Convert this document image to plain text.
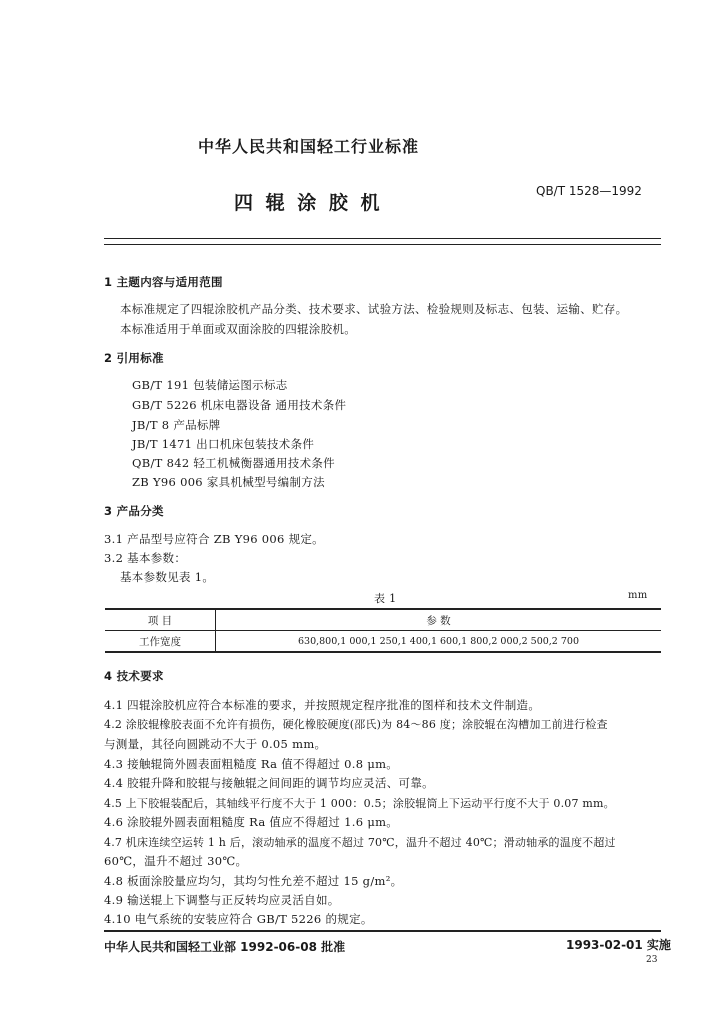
中华人民共和国轻工行业标准
四 辊 涂 胶 机
QB/T 1528—1992
1 主题内容与适用范围
本标准规定了四辊涂胶机产品分类、技术要求、试验方法、检验规则及标志、包装、运输、贮存。
本标准适用于单面或双面涂胶的四辊涂胶机。
2 引用标准
GB/T 191 包装储运图示标志
GB/T 5226 机床电器设备 通用技术条件
JB/T 8 产品标牌
JB/T 1471 出口机床包装技术条件
QB/T 842 轻工机械衡器通用技术条件
ZB Y96 006 家具机械型号编制方法
3 产品分类
3.1 产品型号应符合 ZB Y96 006 规定。
3.2 基本参数：
基本参数见表 1。
表 1	mm
项 目	参 数
工作宽度	630,800,1 000,1 250,1 400,1 600,1 800,2 000,2 500,2 700
4 技术要求
4.1 四辊涂胶机应符合本标准的要求，并按照规定程序批准的图样和技术文件制造。
4.2 涂胶辊橡胶表面不允许有损伤，硬化橡胶硬度(邵氏)为 84～86 度；涂胶辊在沟槽加工前进行检查
与测量，其径向圆跳动不大于 0.05 mm。
4.3 接触辊筒外圆表面粗糙度 Ra 值不得超过 0.8 μm。
4.4 胶辊升降和胶辊与接触辊之间间距的调节均应灵活、可靠。
4.5 上下胶辊装配后，其轴线平行度不大于 1 000：0.5；涂胶辊筒上下运动平行度不大于 0.07 mm。
4.6 涂胶辊外圆表面粗糙度 Ra 值应不得超过 1.6 μm。
4.7 机床连续空运转 1 h 后，滚动轴承的温度不超过 70℃，温升不超过 40℃；滑动轴承的温度不超过
60℃，温升不超过 30℃。
4.8 板面涂胶量应均匀，其均匀性允差不超过 15 g/m²。
4.9 输送辊上下调整与正反转均应灵活自如。
4.10 电气系统的安装应符合 GB/T 5226 的规定。
中华人民共和国轻工业部 1992-06-08 批准	1993-02-01 实施
23
